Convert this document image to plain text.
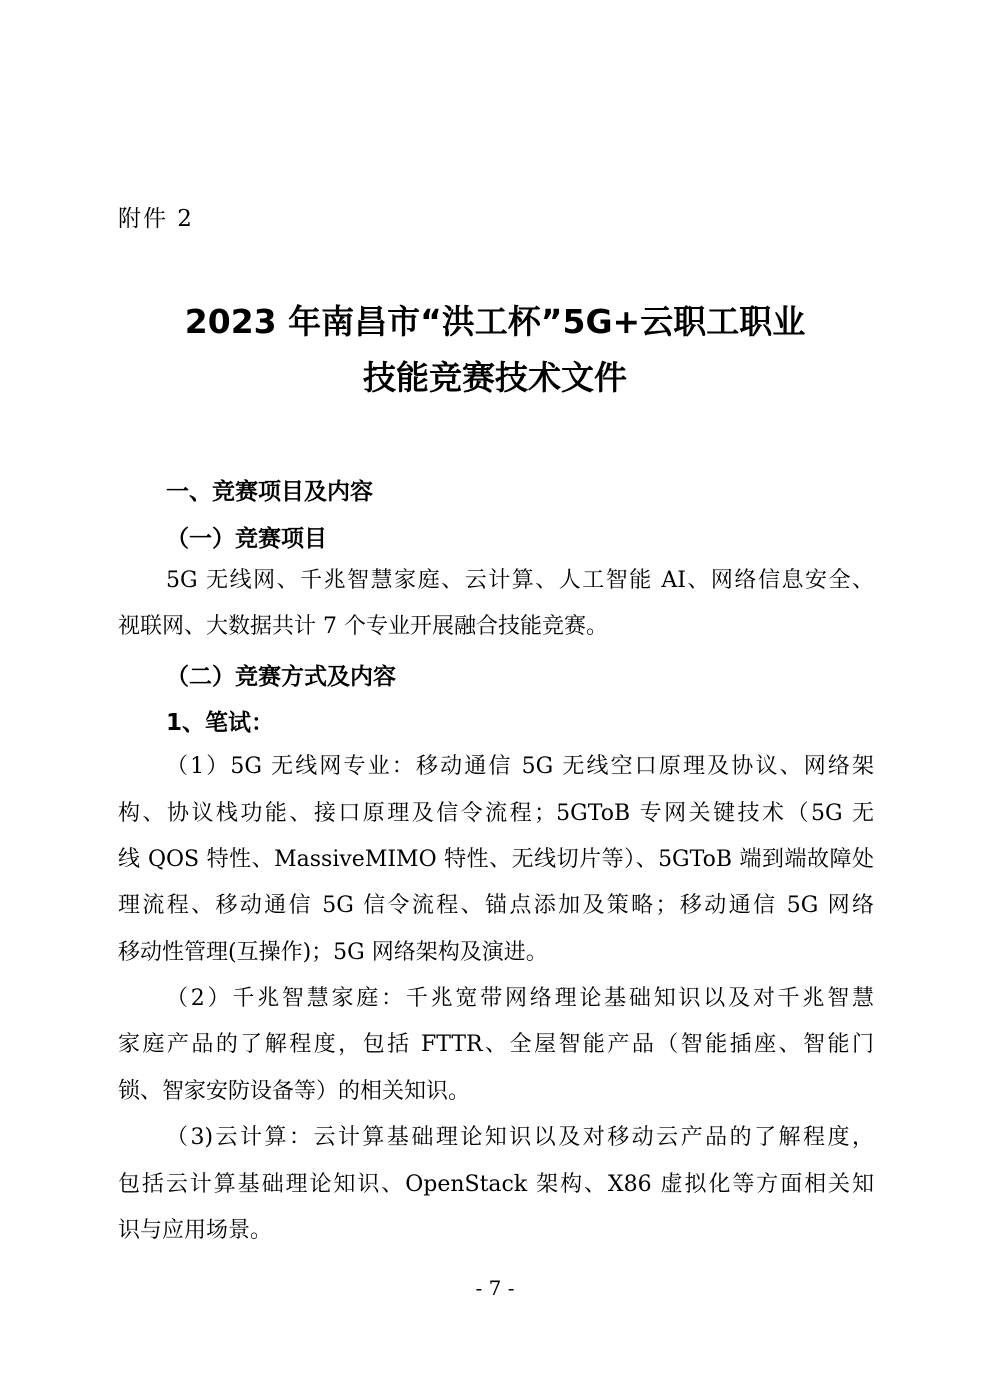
附件 2
2023 年南昌市“洪工杯”5G+云职工职业
技能竞赛技术文件
一、竞赛项目及内容
（一）竞赛项目
5G 无线网、千兆智慧家庭、云计算、人工智能 AI、网络信息安全、
视联网、大数据共计 7 个专业开展融合技能竞赛。
（二）竞赛方式及内容
1、笔试：
（1）5G 无线网专业：移动通信 5G 无线空口原理及协议、网络架
构、协议栈功能、接口原理及信令流程；5GToB 专网关键技术（5G 无
线 QOS 特性、MassiveMIMO 特性、无线切片等）、5GToB 端到端故障处
理流程、移动通信 5G 信令流程、锚点添加及策略；移动通信 5G 网络
移动性管理(互操作)；5G 网络架构及演进。
（2）千兆智慧家庭：千兆宽带网络理论基础知识以及对千兆智慧
家庭产品的了解程度，包括 FTTR、全屋智能产品（智能插座、智能门
锁、智家安防设备等）的相关知识。
（3)云计算：云计算基础理论知识以及对移动云产品的了解程度，
包括云计算基础理论知识、OpenStack 架构、X86 虚拟化等方面相关知
识与应用场景。
- 7 -
